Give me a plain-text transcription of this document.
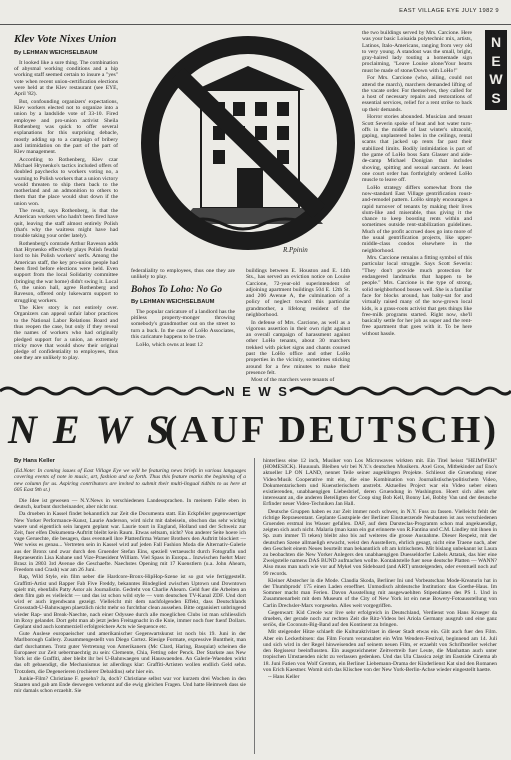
EAST VILLAGE EYE JULY 1982 9
N
E
W
S
Klev Vote Nixes Union
By LEHMAN WEICHSELBAUM

It looked like a sure thing. The combination of abysmal working conditions and a hip working staff seemed certain to insure a "yes" vote when recent union-certification elections were held at the Klev restaurant (see EYE, April '82).

But, confounding organizers' expectations, Klev workers elected not to organize into a union by a landslide vote of 33-10. Fired employee and pro-union activist Sheila Rothenberg was quick to offer several explanations for this surprising debacle, mostly adding up to a campaign of bribery and intimidation on the part of the part of Klev management.

According to Rothenberg, Klev czar Michael Hrynenko's tactics included offers of doubled paychecks to workers voting no, a warning to Polish workers that a union victory would threaten to ship them back to the motherland and an admonition to others to them that the place would shut down if the union won.

The result, says Rothenberg, is that the American workers who hadn't been fired have quit, leaving the staff almost entirely Polish (that's why the waitress might have had trouble taking your order lately).

Rothenberg's comrade Arthur Raveson adds that Hrynenko effectively plays Polish feudal lord to his Polish workers' serfs. Among the American staff, the key pro-union people had been fired before elections were held. Even support from the local Solidarity committee (bringing the war home) didn't swing it. Local 6, the union hall, agree Rothenberg and Raveson, offered only lukewarm support to struggling workers.

The Klev story is not entirely over. Organizers can appeal unfair labor practices to the National Labor Relations Board and thus reopen the case, but only if they reveal the names of workers who had originally pledged support for a union, an extremely tricky move that would show their original pledge of confidentiality to employees, thus one they are unlikely to play.

R.Ppinin

federaliality to employees, thus one they are unlikely to play.

Bohos To Loho: No Go
By LEHMAN WEICHSELBAUM

The popular caricature of a landlord has the pitiless property-monger throwing somebody's grandmother out on the street to turn a buck. In the case of LoHo Associates, this caricature happens to be true.

LoHo, which owns at least 12

buildings between E. Houston and E. 14th Sts., has served an eviction notice on Louise Carcione, 72-year-old superintendent of adjoining apartment buildings 504 E. 12th St. and 206 Avenue A, the culmination of a policy of neglect toward this particular grandmother, a lifelong resident of the neighborhood.

In defense of Mrs. Carcione, as well as a vigorous assertion in their own right against an overall campaign of harassment against other LoHo tenants, about 30 marchers trekked with picket signs and chants coursed past the LoHo office and other LoHo properties in the vicinity, sometimes sticking around for a few minutes to make their presence felt.

Most of the marchers were tenants of

the two buildings served by Mrs. Carcione. Here was your basic Loisaida polytechnic mix, artists, Latinos, Italo-Americans, ranging from very old to very young. A standout was the small, bright, gray-haired lady touting a homemade sign proclaiming, "Leave Louise alone/Your hearts must be made of stone/Down with LoHo!"

For Mrs. Carcione (who, ailing, could not attend the march), marchers demanded lifting of the vacate order. For themselves, they called for a host of necessary repairs and restorations of essential services, relief for a rent strike to back up their demands.

Horror stories abounded. Musician and tenant Scott Severin spoke of heat and hot water turn-offs in the middle of last winter's ultracold, gaping, unplastered holes in the ceilings, rental scams that jacked up rents far past their stabilized limits. Bodily intimidation is part of the game of LoHo boss Sam Glasser and aide-de-camp Michael Donigian that includes shoving, spitting and sexual sarcasm. At least one court order has forthrightly ordered LoHo muscle to leave off.

LoHo strategy differs somewhat from the now-standard East Village gentrification roust-and-remodel pattern. LoHo simply encourages a rapid turnover of tenants by making their lives slum-like and miserable, thus giving it the chance to keep boosting rents within and sometimes outside rent-stabilization guidelines. Much of the profit accrued does go into more of the usual gentrification projects, like upper-middle-class condos elsewhere in the neighborhood.

Mrs. Carcione remains a fitting symbol of this particular local struggle. Says Scott Severin: "They don't provide much protection for endangered landmarks that happen to be people." Mrs. Carcione is the type of strong, solid neighborhood bosses well. She is a familiar face for blocks around, has baby-sat for and virtually raised many of the now-grown local kids, is a grass-roots activist that gets things like free-milk programs started. Right now, she'll basically settle for her job as super and the rent-free apartment that goes with it. To be here without hassle.

N E W S
NEWS
(AUF DEUTSCH)
By Hans Keller

(Ed.Note: In coming issues of East Village Eye we will be featuring news briefs in various languages covering events of note in music, art, fashion and so forth. Thus this feature marks the beginning of a new column for us. Aspiring contributors are invited to submit their multi-lingual tidbits to us here at 605 East 9th st.)

Die Idee ist gewesen — N.Y.News in verschiedenen Landessprachen. In meinem Falle eben in deutsch, kurbunt durcheinander, aber nicht nur.

Da drueben in Kassel findet bekanntlich zur Zeit die Documenta statt. Ein Eckpfeiler gegenwaertiger New Yorker Performance-Kunst, Laurie Anderson, wird nicht mit dabeisein, obschon das sehr wichtig waere und eigentlich sein langem geplant war. Laurie tourt in England, Holland und der Schweiz zur Zeit, fuer elfen Dokumenta-Auftritt bleibt kein Raum. Etwas seltsam, nicht? Von anderer Seite hoere ich vage Geruechte, die besagen, dass eventuell ihre Plattenfirma Warner Brothers den Auftritt blockiert — Wer weiss es genau... Vertreten sein in Kassel wird auf jeden Fall Fashion Moda die Alternativ-Galerie aus der Bronx und zwar durch den Gruender Stefan Eins, speziell vertaeuscht durch Fotografin und Repraesentin Lisa Kahane und Vize-Praesident William. Viel Spass in Europa... Inzwischen fuehrt Marc Brasz in 2803 3rd Avenue die Geschaefte. Naechstes Opening mit 17 Kuenstlern (u.a. John Ahearn, Freedom und Crash) war am 26 Juni.

Rap, Wild Style, ein film ueber die Hardcore-Bronx-HipHop-Szene ist so gut wie fertiggestellt. Graffitti-Artist und Rapper Fab Five Freddy, bekanntes Bindeglied zwischen Uptown und Downtown spielt mit, ebenfalls Patty Astor als Journalistin. Gedreht von Charlie Ahearn. Geld fuer die Arbeiten an dem film gab es vielleicht — und das ist schon wild style — vom deutschen TV-Kanal ZDF. Und dort wird er auch irgendwann gezeigt. Vielleicht mit dem nachfolgenden Effekt, dass Deutschlands Grossstadt-U-Bahnwagen plaetzlich nicht mehr so furchtbar clean aussehen. Bitte organisiert unbringend wieder Rap- und Break-Naechte, nach einer Odyssee durch alle moeglichen Clubs ist man schliesslich im Roxy gelandet. Dort geht man ab jetzt jeden Freitagnacht in die Knie, immer noch fuer fuenf Dollars. Geplant sind auch kommerziell erfolgreichere Acts wie Sequence etc.

Gute Auslese europaeischer und amerikanischer Gegenwartskunst ist noch bis 19. Juni in der Marlborough Gallery. Zusammengestellt von Diego Cortez. Riesige Formate, expressive Bunttheit, man darf durchatmen. Trotz guter Vertretung von Amerikanern (Mc Clard, Haring, Basquiat) scheinen die Europaeer zur Zeit uebermaechtig zu sein: Clemente, Chia, Fetting oder Penck. Der Starkste aus New York ist die Graffiti, aber bleibt ihr bei U-Bahnwaegen und Hauswaenden. An Galerie-Waenden wirkt das oft gebaendigt, die Mechanismus ist allerdings klar: Graffiti-Artisten wollen endlich Geld sehn. Trotzdem, die Degenerieren (rochierer Debaldins) sehr hier ein.

Junkie-Film? Christiane F. gesehn? Ja, doch? Christiane selbst war vor kurzem drei Wochen in den Staaten und gab am Ende deswegen verkennt auf die ewig gleichen Fragen. Und hatte Heimweh dass sie mir damals schon erzaehlt. Sie

hinterliess eine 12 inch, Musiker von Los Microwaves wirkten mit. Ein Titel heisst "HEIMWEH" (HOMESICK). Huuuuuh. Bleiben wir bei N.Y.'s deutschen Musikern. Axel Gros, Mitbekinder auf Eno's aktueller LP ON LAND, nennet Teile seiner augeklingen Projekte. Schliesst die Gruendung einer Video/Musik Cooperative mit ein, die eine Kombination von Journalistische/politischem Video, Dokumentarischem und Kuenstlerischem anstrebt. Aktuelles Project war ein Video ueber einen existierenden, unabhaengigen Liebesbrief, deren Gruendung in Washington. Hoert sich alles sehr interessant an, die anderen Beteiligten der Coop sing Bob Kell, Bonny Lei, Bobby Van und der deutsche Erfinder neuer Video-Techniken Jan Hall.

Deutsche Gruppen haben es zur Zeit immer noch schwer, in N.Y. Fuss zu fassen. Vielleicht fehlt der richtige Repraesentant. Geplante Gastspiele der Berliner Einstuerzende Neubauten ist aus verschiedenen Gruenden erstmal ins Wasser gefallen. DAF, auf dem Darsteclas-Programm schon mal angekuendigt, zeigten sich auch nicht. Malaria (man kann ein gut erinnerte von R.Fantina und C.M. Lindley mit ihnen in Sp. zum immer Ti teken) bleibt also bis auf weiteres die grosse Ausnahme. Dieser Respekt, mit der deutschen Szene allmaeligh erwacht, weist den Ausstellern, ehrlich gesagt, nicht eine Traene nach, aber den Gescheit einem Neues beurteilt man bekanntlich oft am kritischsten. Mit bislang unbekannt ist Laura zu beobachten die New Yorker Anlegers den unabhaengigen Duesseldorfer Labels Attatak, das hier eine Zweigstelle namens DAS BUND aufmachen wollte. Kontaktstelle fuer neue deutsche Platten — WANN? Also muss man nach wie vor auf Mykel von Sideboard (and ART) umsteigenden, oder eventuell noch auf 99 records.

Kleiner Abstecher in die Mode. Claudia Skoda, Berliner Ini und Vorbeatschau Mode-Kreaturin hat in der Thumbprods' 175 einen Laden eroeffnet. Unmodisch altdeutsche Institution: das Goethe-Haus. Im Sommer macht man Ferien. Davon Ausstellung mit ausgewaehlten Stipendiaten des PS 1. Und in Zusammenarbeit mit dem Museum of the City of New York ist ein neue Bowery-Fotoausstellung von Carlin Drechsler-Marx vorgesehn. Alles weit vorgegriffen.

Gegenwart: Kid Creole war live sehr erfolgreich in Deutschland, Verdienst von Hans Krueger da drueben, der gerade noch zur rechten Zeit die Ritz-Videos bei Ariola Germany ausgrub und eine ganz seriös, die Coconuts-Big-Band auf den Kontinent zu bringen.

Mit steigender Hitze schlaeft die Kulturaktivitaet in dieser Stadt etwas ein. Gilt auch fuer den Film. Aber ein Leckerbitsen: das Film Forum veranstaltet ein Wim Wenders-Festival, beginnend am 14. Juli und sich wird in der Regel hinweisenden auf seinem neuen Film, er erzaehlt von Schriftsteller welcher den Regisseur beeinflussten. Ein ausgezeichneter Zeitvertreib fuer Leute, die Manhattan auch unter tropischen Umstaenden nicht zu verlassen gedenken. Und das Ula Classica zeigt im Eastside Cinema ab 18. Juni Fatien von Wolf Gremm, ein Berliner Liebemann-Drama der Kinderlienst Kat sind den Romanen von Erich Kaestner. Womit sich das Klischee von der New York-Berlin-Achse wieder eingestellt haette.

-- Hans Keller
